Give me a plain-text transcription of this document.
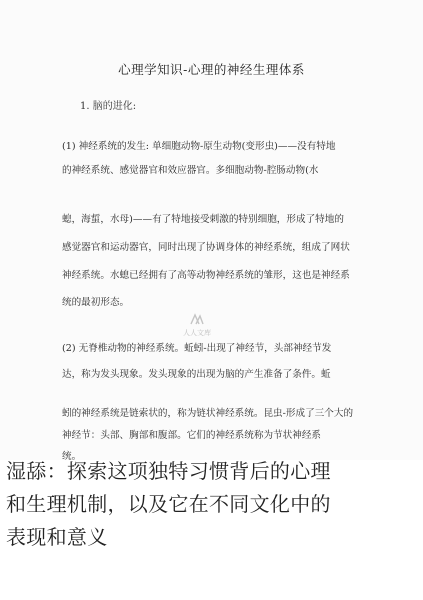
心理学知识-心理的神经生理体系
1. 脑的进化:
(1) 神经系统的发生: 单细胞动物-原生动物(变形虫)——没有特地
的神经系统、感觉器官和效应器官。多细胞动物-腔肠动物(水
螅，海蜇，水母)——有了特地接受刺激的特别细胞，形成了特地的
感觉器官和运动器官，同时出现了协调身体的神经系统，组成了网状
神经系统。水螅已经拥有了高等动物神经系统的雏形，这也是神经系
统的最初形态。
(2) 无脊椎动物的神经系统。蚯蚓-出现了神经节，头部神经节发
达，称为发头现象。发头现象的出现为脑的产生准备了条件。蚯
蚓的神经系统是链索状的，称为链状神经系统。昆虫-形成了三个大的
神经节：头部、胸部和腹部。它们的神经系统称为节状神经系
统。
人人文库
湿舔：探索这项独特习惯背后的心理
和生理机制，以及它在不同文化中的
表现和意义
